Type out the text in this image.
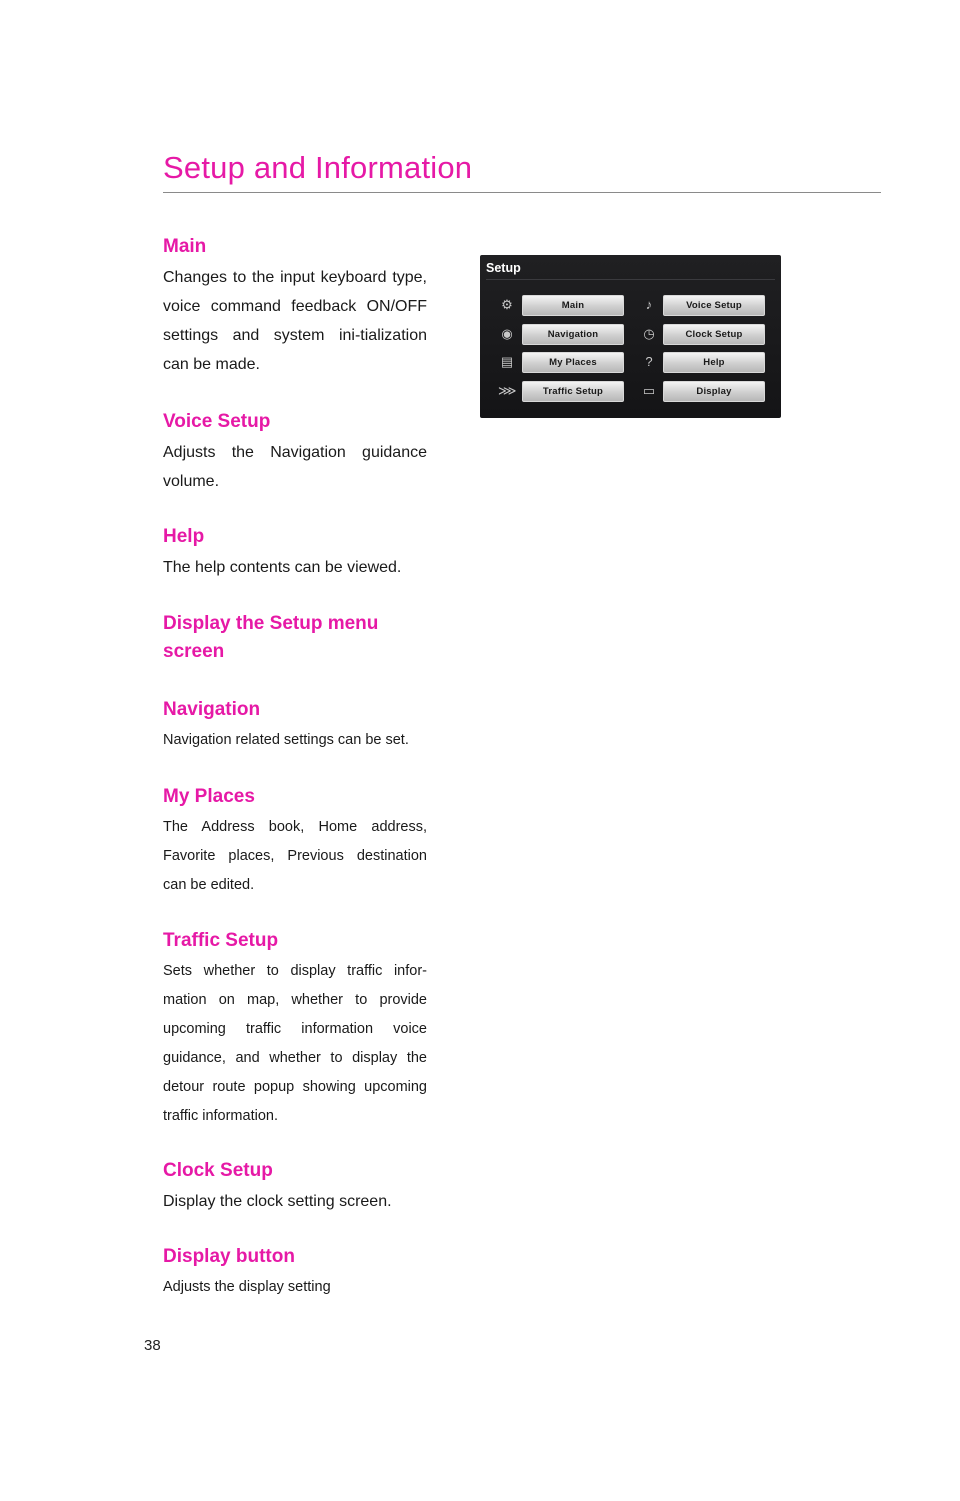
Setup and Information
Main

Changes to the input keyboard type, voice command feedback ON/OFF settings and system ini-tialization can be made.

Voice Setup

Adjusts the Navigation guidance volume.

Help

The help contents can be viewed.

Display the Setup menu screen
Navigation

Navigation related settings can be set.

My Places

The Address book, Home address, Favorite places, Previous destination can be edited.

Traffic Setup

Sets whether to display traffic infor-mation on map, whether to provide upcoming traffic information voice guidance, and whether to display the detour route popup showing upcoming traffic information.

Clock Setup

Display the clock setting screen.

Display button

Adjusts the display setting

Setup
⚙	Main
◉	Navigation
▤	My Places
⋙	Traffic Setup
♪	Voice Setup
◷	Clock Setup
?	Help
▭	Display
38
